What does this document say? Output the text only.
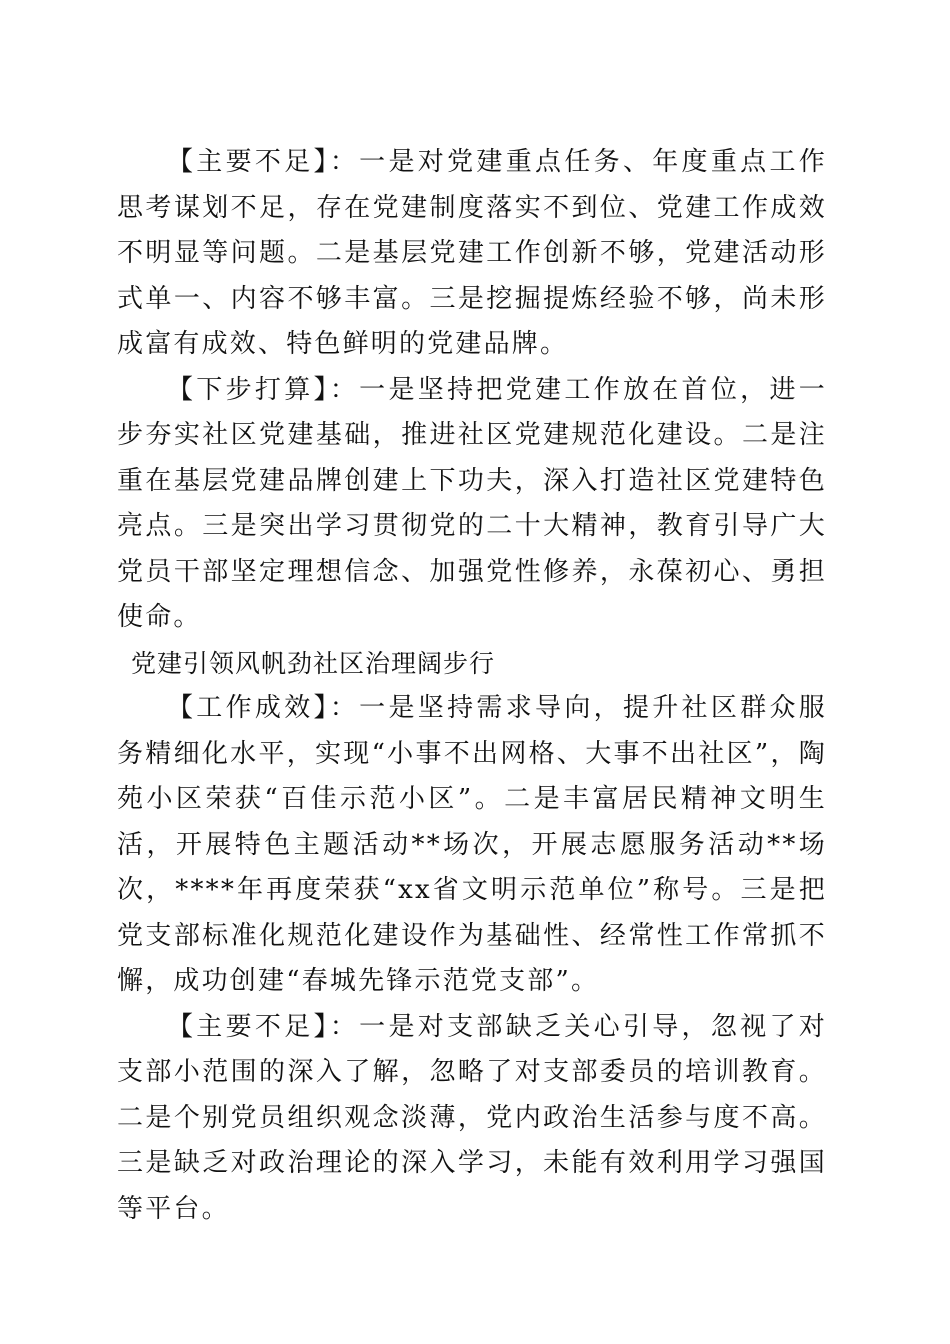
【主要不足】：一是对党建重点任务、年度重点工作思考谋划不足，存在党建制度落实不到位、党建工作成效不明显等问题。二是基层党建工作创新不够，党建活动形式单一、内容不够丰富。三是挖掘提炼经验不够，尚未形成富有成效、特色鲜明的党建品牌。

【下步打算】：一是坚持把党建工作放在首位，进一步夯实社区党建基础，推进社区党建规范化建设。二是注重在基层党建品牌创建上下功夫，深入打造社区党建特色亮点。三是突出学习贯彻党的二十大精神，教育引导广大党员干部坚定理想信念、加强党性修养，永葆初心、勇担使命。

党建引领风帆劲社区治理阔步行

【工作成效】：一是坚持需求导向，提升社区群众服务精细化水平，实现“小事不出网格、大事不出社区”，陶苑小区荣获“百佳示范小区”。二是丰富居民精神文明生活，开展特色主题活动**场次，开展志愿服务活动**场次，****年再度荣获“xx省文明示范单位”称号。三是把党支部标准化规范化建设作为基础性、经常性工作常抓不懈，成功创建“春城先锋示范党支部”。

【主要不足】：一是对支部缺乏关心引导，忽视了对支部小范围的深入了解，忽略了对支部委员的培训教育。二是个别党员组织观念淡薄，党内政治生活参与度不高。三是缺乏对政治理论的深入学习，未能有效利用学习强国等平台。
